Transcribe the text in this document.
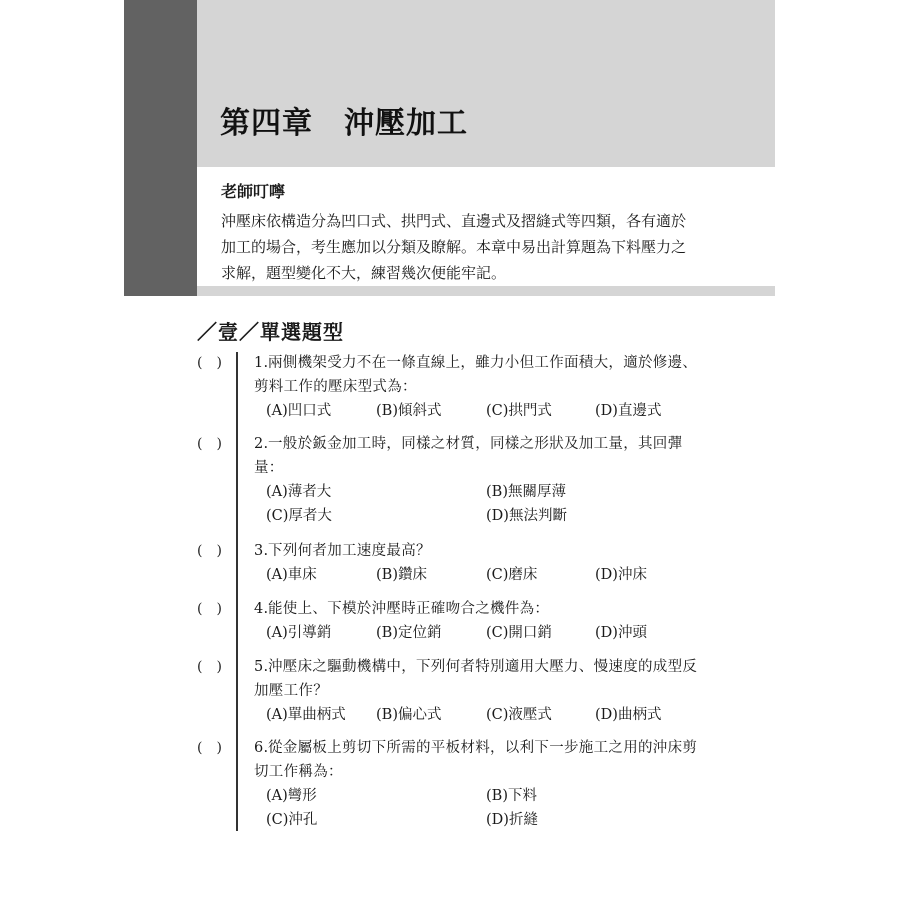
第四章　沖壓加工
老師叮嚀

沖壓床依構造分為凹口式、拱門式、直邊式及摺縫式等四類，各有適於加工的場合，考生應加以分類及瞭解。本章中易出計算題為下料壓力之求解，題型變化不大，練習幾次便能牢記。

／壹／單選題型
(　)	1.兩側機架受力不在一條直線上，雖力小但工作面積大，適於修邊、剪料工作的壓床型式為：
(A)凹口式	(B)傾斜式	(C)拱門式	(D)直邊式
(　)	2.一般於鈑金加工時，同樣之材質，同樣之形狀及加工量，其回彈量：
(A)薄者大	(B)無關厚薄
(C)厚者大	(D)無法判斷
(　)	3.下列何者加工速度最高？
(A)車床	(B)鑽床	(C)磨床	(D)沖床
(　)	4.能使上、下模於沖壓時正確吻合之機件為：
(A)引導銷	(B)定位銷	(C)開口銷	(D)沖頭
(　)	5.沖壓床之驅動機構中，下列何者特別適用大壓力、慢速度的成型反加壓工作？
(A)單曲柄式 (B)偏心式	(C)液壓式	(D)曲柄式
(　)	6.從金屬板上剪切下所需的平板材料，以利下一步施工之用的沖床剪切工作稱為：
(A)彎形	(B)下料
(C)沖孔	(D)折縫
